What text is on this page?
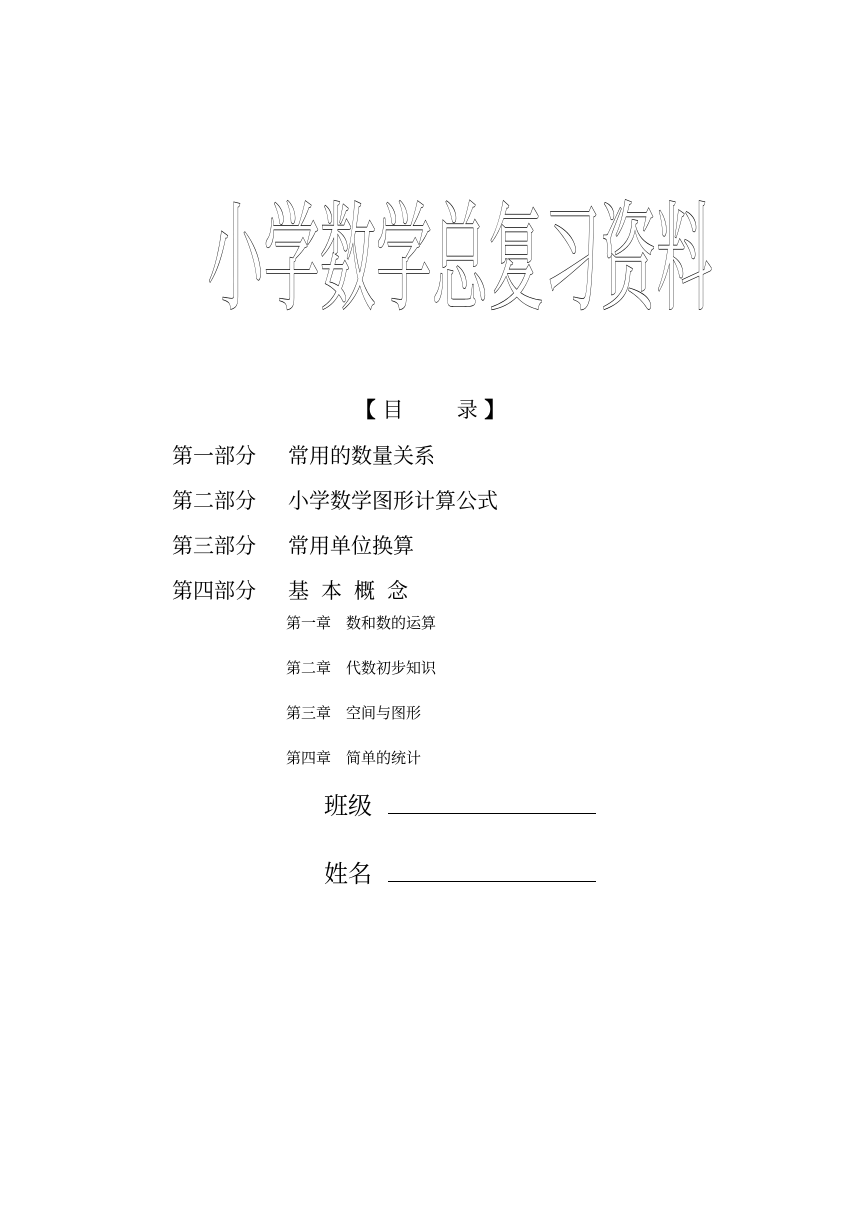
小学数学总复习资料
【 目	录 】
第一部分 常用的数量关系
第二部分 小学数学图形计算公式
第三部分 常用单位换算
第四部分 基本概念
第一章 数和数的运算
第二章 代数初步知识
第三章 空间与图形
第四章 简单的统计
班级
姓名
